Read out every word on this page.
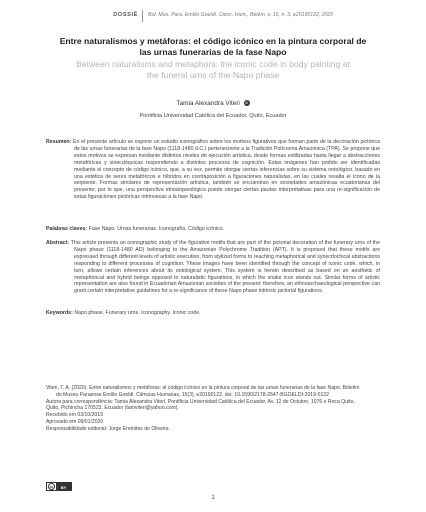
DOSSIÊ Bol. Mus. Para. Emílio Goeldi. Cienc. Hum., Belém, v. 15, n. 3, e20190122, 2020
Entre naturalismos y metáforas: el código icónico en la pintura corporal de
las urnas funerarias de la fase Napo
Between naturalisms and metaphors: the iconic code in body painting at
the funeral urns of the Napo phase
Tamia Alexandra Viteri iD
Pontificia Universidad Católica del Ecuador. Quito, Ecuador
Resumen: En el presente artículo se expone un estudio iconográfico sobre los motivos figurativos que forman parte de la decoración pictórica de las urnas funerarias de la fase Napo (1118-1480 d.C.) perteneciente a la Tradición Polícroma Amazónica (TPA). Se propone que estos motivos se expresan mediante distintos niveles de ejecución artística, desde formas estilizadas hasta llegar a abstracciones metafóricas y sinecdóquicas respondiendo a distintos procesos de cognición. Estas imágenes han podido ser identificadas mediante el concepto de código icónico, que, a su vez, permite otorgar ciertas inferencias sobre su sistema ontológico, basado en una estética de seres metafóricos e híbridos en contraposición a figuraciones naturalistas, en las cuales resalta el ícono de la serpiente. Formas similares de representación artística, también se encuentran en sociedades amazónicas ecuatorianas del presente; por lo que, una perspectiva etnoarqueológica puede otorgar ciertas pautas interpretativas para una re-significación de estas figuraciones pictóricas intrínsecas a la fase Napo.
Palabras claves: Fase Napo. Urnas funerarias. Iconografía. Código icónico.
Abstract: This article presents an iconographic study of the figurative motifs that are part of the pictorial decoration of the funerary urns of the Napo phase (1118-1480 AD) belonging to the Amazonian Polychrome Tradition (APT). It is proposed that these motifs are expressed through different levels of artistic execution, from stylized forms to reaching metaphorical and synecdochical abstractions responding to different processes of cognition. These images have been identified through the concept of iconic code, which, in turn, allows certain inferences about its ontological system. This system is herein described as based on an aesthetic of metaphorical and hybrid beings opposed to naturalistic figurations, in which the snake icon stands out. Similar forms of artistic representation are also found in Ecuadorian Amazonian societies of the present; therefore, an ethnoarchaeological perspective can grant certain interpretative guidelines for a re-significance of these Napo phase intrinsic pictorial figurations.
Keywords: Napo phase. Funerary urns. Iconography. Iconic code.
Viteri, T. A. (2020). Entre naturalismos y metáforas: el código icónico en la pintura corporal de las urnas funerarias de la fase Napo. Boletim
do Museu Paraense Emílio Goeldi. Ciências Humanas, 15(3), e20190122. doi: 10.1590/2178-2547-BGOELDI-2019-0122
Autora para correspondência: Tamia Alexandra Viteri. Pontificia Universidad Católica del Ecuador. Av. 12 de Octubre, 1076 e Roca Quito,
Quito, Pichincha 170523, Ecuador (tamviteri@yahoo.com).
Recebido em 03/10/2019
Aprovado em 09/01/2020
Responsabilidade editorial: Jorge Eremites de Oliveira
cc	BY
1
